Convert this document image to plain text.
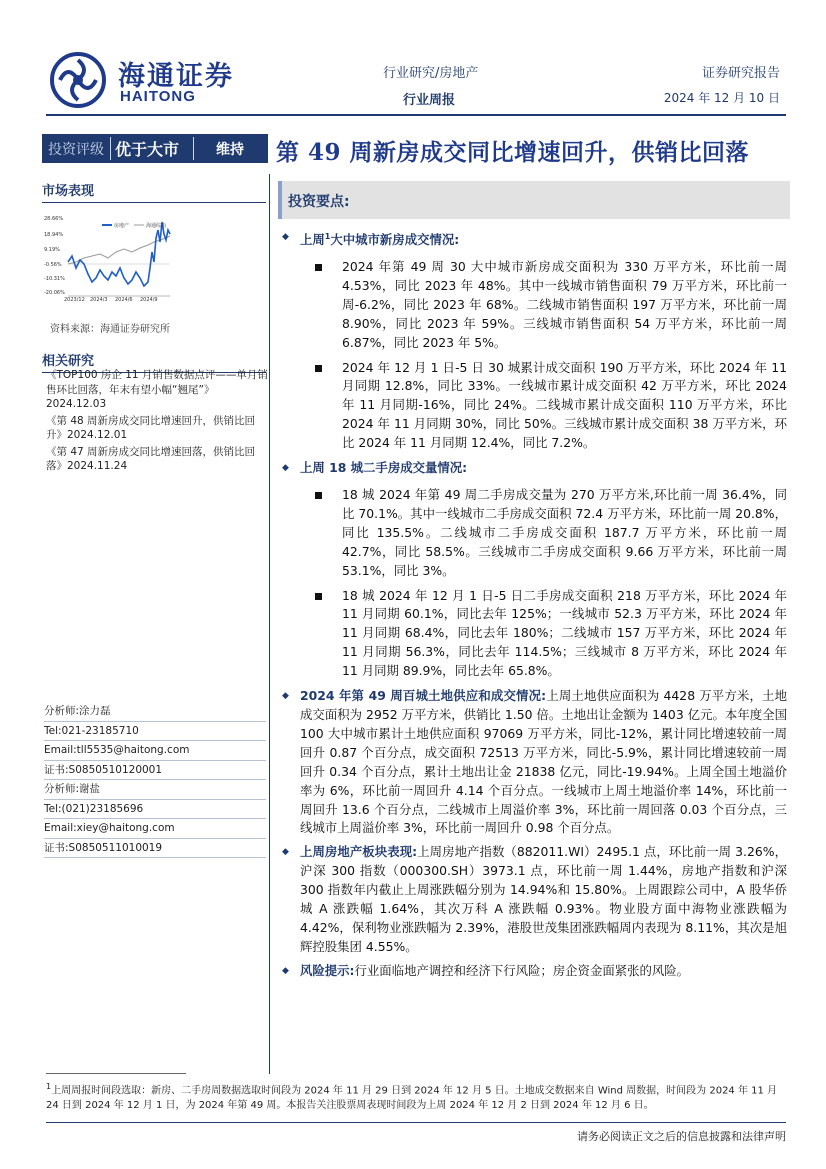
海通证券
HAITONG
行业研究/房地产
行业周报
证券研究报告
2024 年 12 月 10 日
投资评级 优于大市	维持 第 49 周新房成交同比增速回升，供销比回落
市场表现
28.66%
18.94%
9.19%
-0.56%
-10.31%
-20.06%
2023/12 2024/3 2024/6 2024/9
房地产	海通综指
资料来源：海通证券研究所
相关研究
《TOP100 房企 11 月销售数据点评——单月销售环比回落，年末有望小幅“翘尾”》2024.12.03
《第 48 周新房成交同比增速回升，供销比回升》2024.12.01
《第 47 周新房成交同比增速回落，供销比回落》2024.11.24
分析师:涂力磊
Tel:021-23185710
Email:tll5535@haitong.com
证书:S0850510120001
分析师:谢盐
Tel:(021)23185696
Email:xiey@haitong.com
证书:S0850511010019
投资要点:
◆ 上周$^1$大中城市新房成交情况:
2024 年第 49 周 30 大中城市新房成交面积为 330 万平方米，环比前一周 4.53%，同比 2023 年 48%。其中一线城市销售面积 79 万平方米，环比前一周-6.2%，同比 2023 年 68%。二线城市销售面积 197 万平方米，环比前一周 8.90%，同比 2023 年 59%。三线城市销售面积 54 万平方米，环比前一周 6.87%，同比 2023 年 5%。
2024 年 12 月 1 日-5 日 30 城累计成交面积 190 万平方米，环比 2024 年 11 月同期 12.8%，同比 33%。一线城市累计成交面积 42 万平方米，环比 2024 年 11 月同期-16%，同比 24%。二线城市累计成交面积 110 万平方米，环比 2024 年 11 月同期 30%，同比 50%。三线城市累计成交面积 38 万平方米，环比 2024 年 11 月同期 12.4%，同比 7.2%。
◆ 上周 18 城二手房成交量情况:
18 城 2024 年第 49 周二手房成交量为 270 万平方米,环比前一周 36.4%，同比 70.1%。其中一线城市二手房成交面积 72.4 万平方米，环比前一周 20.8%，同比 135.5%。二线城市二手房成交面积 187.7 万平方米，环比前一周 42.7%，同比 58.5%。三线城市二手房成交面积 9.66 万平方米，环比前一周 53.1%，同比 3%。
18 城 2024 年 12 月 1 日-5 日二手房成交面积 218 万平方米，环比 2024 年 11 月同期 60.1%，同比去年 125%；一线城市 52.3 万平方米，环比 2024 年 11 月同期 68.4%，同比去年 180%；二线城市 157 万平方米，环比 2024 年 11 月同期 56.3%，同比去年 114.5%；三线城市 8 万平方米，环比 2024 年 11 月同期 89.9%，同比去年 65.8%。
◆ 2024 年第 49 周百城土地供应和成交情况:上周土地供应面积为 4428 万平方米，土地成交面积为 2952 万平方米，供销比 1.50 倍。土地出让金额为 1403 亿元。本年度全国 100 大中城市累计土地供应面积 97069 万平方米，同比-12%，累计同比增速较前一周回升 0.87 个百分点，成交面积 72513 万平方米，同比-5.9%，累计同比增速较前一周回升 0.34 个百分点，累计土地出让金 21838 亿元，同比-19.94%。上周全国土地溢价率为 6%，环比前一周回升 4.14 个百分点。一线城市上周土地溢价率 14%，环比前一周回升 13.6 个百分点，二线城市上周溢价率 3%，环比前一周回落 0.03 个百分点，三线城市上周溢价率 3%，环比前一周回升 0.98 个百分点。
◆ 上周房地产板块表现:上周房地产指数（882011.WI）2495.1 点，环比前一周 3.26%，沪深 300 指数（000300.SH）3973.1 点，环比前一周 1.44%，房地产指数和沪深 300 指数年内截止上周涨跌幅分别为 14.94%和 15.80%。上周跟踪公司中，A 股华侨城 A 涨跌幅 1.64%，其次万科 A 涨跌幅 0.93%。物业股方面中海物业涨跌幅为 4.42%，保利物业涨跌幅为 2.39%，港股世茂集团涨跌幅周内表现为 8.11%，其次是旭辉控股集团 4.55%。
◆ 风险提示:行业面临地产调控和经济下行风险；房企资金面紧张的风险。
$^1$上周周报时间段选取：新房、二手房周数据选取时间段为 2024 年 11 月 29 日到 2024 年 12 月 5 日。土地成交数据来自 Wind 周数据，时间段为 2024 年 11 月 24 日到 2024 年 12 月 1 日，为 2024 年第 49 周。本报告关注股票周表现时间段为上周 2024 年 12 月 2 日到 2024 年 12 月 6 日。
请务必阅读正文之后的信息披露和法律声明
